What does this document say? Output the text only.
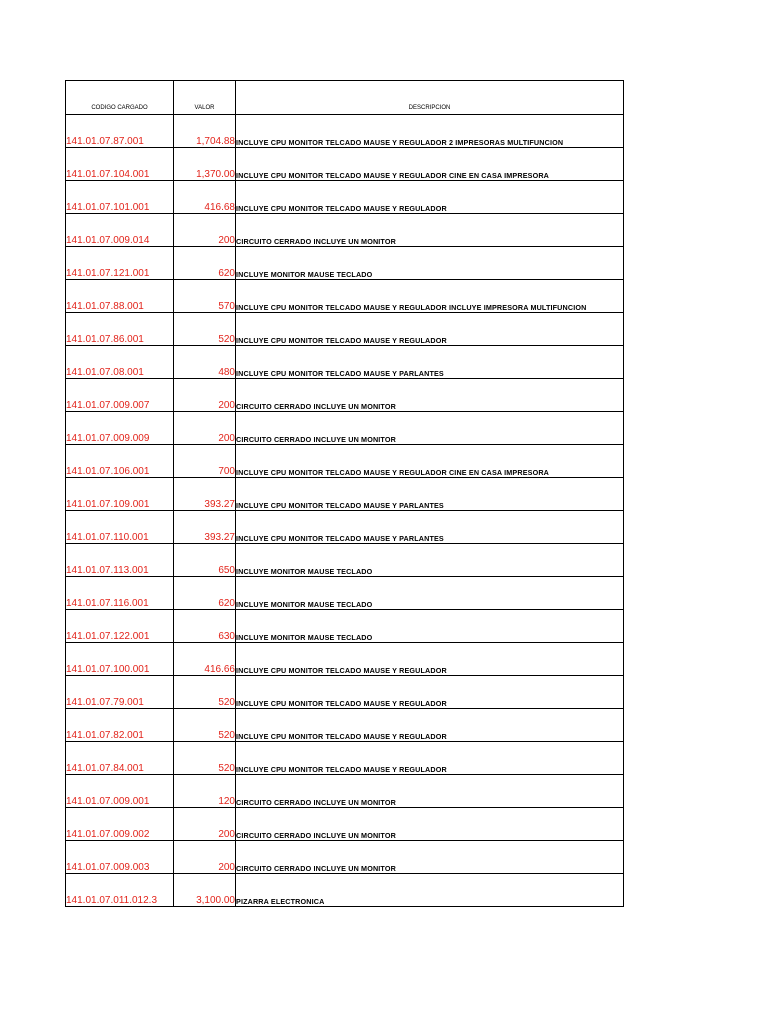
CODIGO CARGADO	VALOR	DESCRIPCION
141.01.07.87.001	1,704.88	INCLUYE CPU MONITOR TELCADO MAUSE Y REGULADOR 2 IMPRESORAS MULTIFUNCION
141.01.07.104.001	1,370.00	INCLUYE CPU MONITOR TELCADO MAUSE Y REGULADOR CINE EN CASA IMPRESORA
141.01.07.101.001	416.68	INCLUYE CPU MONITOR TELCADO MAUSE Y REGULADOR
141.01.07.009.014	200	CIRCUITO CERRADO INCLUYE UN MONITOR
141.01.07.121.001	620	INCLUYE MONITOR MAUSE TECLADO
141.01.07.88.001	570	INCLUYE CPU MONITOR TELCADO MAUSE Y REGULADOR INCLUYE IMPRESORA MULTIFUNCION
141.01.07.86.001	520	INCLUYE CPU MONITOR TELCADO MAUSE Y REGULADOR
141.01.07.08.001	480	INCLUYE CPU MONITOR TELCADO MAUSE Y PARLANTES
141.01.07.009.007	200	CIRCUITO CERRADO INCLUYE UN MONITOR
141.01.07.009.009	200	CIRCUITO CERRADO INCLUYE UN MONITOR
141.01.07.106.001	700	INCLUYE CPU MONITOR TELCADO MAUSE Y REGULADOR CINE EN CASA IMPRESORA
141.01.07.109.001	393.27	INCLUYE CPU MONITOR TELCADO MAUSE Y PARLANTES
141.01.07.110.001	393.27	INCLUYE CPU MONITOR TELCADO MAUSE Y PARLANTES
141.01.07.113.001	650	INCLUYE MONITOR MAUSE TECLADO
141.01.07.116.001	620	INCLUYE MONITOR MAUSE TECLADO
141.01.07.122.001	630	INCLUYE MONITOR MAUSE TECLADO
141.01.07.100.001	416.66	INCLUYE CPU MONITOR TELCADO MAUSE Y REGULADOR
141.01.07.79.001	520	INCLUYE CPU MONITOR TELCADO MAUSE Y REGULADOR
141.01.07.82.001	520	INCLUYE CPU MONITOR TELCADO MAUSE Y REGULADOR
141.01.07.84.001	520	INCLUYE CPU MONITOR TELCADO MAUSE Y REGULADOR
141.01.07.009.001	120	CIRCUITO CERRADO INCLUYE UN MONITOR
141.01.07.009.002	200	CIRCUITO CERRADO INCLUYE UN MONITOR
141.01.07.009.003	200	CIRCUITO CERRADO INCLUYE UN MONITOR
141.01.07.011.012.3	3,100.00	PIZARRA ELECTRONICA
